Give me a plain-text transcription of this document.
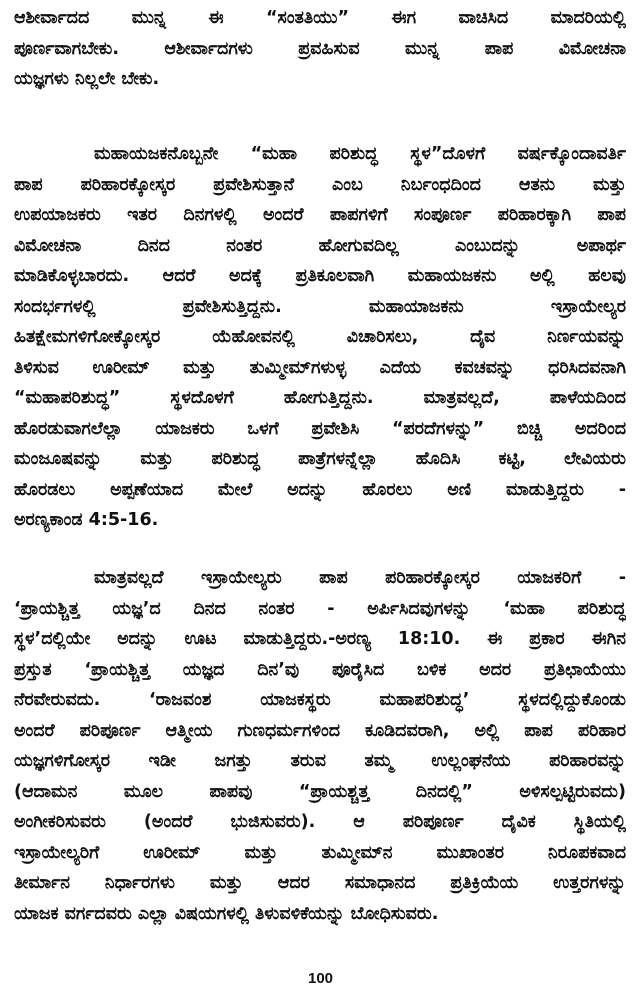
ಆಶೀರ್ವಾದದ ಮುನ್ನ ಈ “ಸಂತತಿಯು” ಈಗ ವಾಚಿಸಿದ ಮಾದರಿಯಲ್ಲಿ
ಪೂರ್ಣವಾಗಬೇಕು. ಆಶೀರ್ವಾದಗಳು ಪ್ರವಹಿಸುವ ಮುನ್ನ ಪಾಪ ವಿಮೋಚನಾ
ಯಜ್ಞಗಳು ನಿಲ್ಲಲೇ ಬೇಕು.
ಮಹಾಯಜಕನೊಬ್ಬನೇ “ಮಹಾ ಪರಿಶುದ್ಧ ಸ್ಥಳ”ದೊಳಗೆ ವರ್ಷಕ್ಕೊಂದಾವರ್ತಿ
ಪಾಪ ಪರಿಹಾರಕ್ಕೋಸ್ಕರ ಪ್ರವೇಶಿಸುತ್ತಾನೆ ಎಂಬ ನಿರ್ಬಂಧದಿಂದ ಆತನು ಮತ್ತು
ಉಪಯಾಜಕರು ಇತರ ದಿನಗಳಲ್ಲಿ ಅಂದರೆ ಪಾಪಗಳಿಗೆ ಸಂಪೂರ್ಣ ಪರಿಹಾರಕ್ಕಾಗಿ ಪಾಪ
ವಿಮೋಚನಾ ದಿನದ ನಂತರ ಹೋಗುವದಿಲ್ಲ ಎಂಬುದನ್ನು ಅಪಾರ್ಥ
ಮಾಡಿಕೊಳ್ಳಬಾರದು. ಆದರೆ ಅದಕ್ಕೆ ಪ್ರತಿಕೂಲವಾಗಿ ಮಹಾಯಜಕನು ಅಲ್ಲಿ ಹಲವು
ಸಂದರ್ಭಗಳಲ್ಲಿ ಪ್ರವೇಶಿಸುತ್ತಿದ್ದನು. ಮಹಾಯಾಜಕನು ಇಸ್ರಾಯೇಲ್ಯರ
ಹಿತಕ್ಷೇಮಗಳಿಗೋಕ್ಕೋಸ್ಕರ ಯೆಹೋವನಲ್ಲಿ ವಿಚಾರಿಸಲು, ದೈವ ನಿರ್ಣಯವನ್ನು
ತಿಳಿಸುವ ಊರೀಮ್ ಮತ್ತು ತುಮ್ಮೀಮ್‌ಗಳುಳ್ಳ ಎದೆಯ ಕವಚವನ್ನು ಧರಿಸಿದವನಾಗಿ
“ಮಹಾಪರಿಶುದ್ಧ” ಸ್ಥಳದೊಳಗೆ ಹೋಗುತ್ತಿದ್ದನು. ಮಾತ್ರವಲ್ಲದೆ, ಪಾಳೆಯದಿಂದ
ಹೊರಡುವಾಗಲೆಲ್ಲಾ ಯಾಜಕರು ಒಳಗೆ ಪ್ರವೇಶಿಸಿ “ಪರದೆಗಳನ್ನು” ಬಿಚ್ಚಿ ಅದರಿಂದ
ಮಂಜೂಷವನ್ನು ಮತ್ತು ಪರಿಶುದ್ಧ ಪಾತ್ರೆಗಳನ್ನೆಲ್ಲಾ ಹೊದಿಸಿ ಕಟ್ಟಿ, ಲೇವಿಯರು
ಹೊರಡಲು ಅಪ್ಪಣೆಯಾದ ಮೇಲೆ ಅದನ್ನು ಹೊರಲು ಅಣಿ ಮಾಡುತ್ತಿದ್ದರು -
ಅರಣ್ಯಕಾಂಡ 4:5-16.
ಮಾತ್ರವಲ್ಲದೆ ಇಸ್ರಾಯೇಲ್ಯರು ಪಾಪ ಪರಿಹಾರಕ್ಕೋಸ್ಕರ ಯಾಜಕರಿಗೆ -
‘ಪ್ರಾಯಶ್ಚಿತ್ತ ಯಜ್ಞ’ದ ದಿನದ ನಂತರ - ಅರ್ಪಿಸಿದವುಗಳನ್ನು ‘ಮಹಾ ಪರಿಶುದ್ಧ
ಸ್ಥಳ’ದಲ್ಲಿಯೇ ಅದನ್ನು ಊಟ ಮಾಡುತ್ತಿದ್ದರು.-ಅರಣ್ಯ 18:10. ಈ ಪ್ರಕಾರ ಈಗಿನ
ಪ್ರಸ್ತುತ ‘ಪ್ರಾಯಶ್ಚಿತ್ತ ಯಜ್ಞದ ದಿನ’ವು ಪೂರೈಸಿದ ಬಳಿಕ ಅದರ ಪ್ರತಿಛಾಯೆಯು
ನೆರವೇರುವದು. ‘ರಾಜವಂಶ ಯಾಜಕಸ್ಥರು ಮಹಾಪರಿಶುದ್ಧ’ ಸ್ಥಳದಲ್ಲಿದ್ದುಕೊಂಡು
ಅಂದರೆ ಪರಿಪೂರ್ಣ ಆತ್ಮೀಯ ಗುಣಧರ್ಮಗಳಿಂದ ಕೂಡಿದವರಾಗಿ, ಅಲ್ಲಿ ಪಾಪ ಪರಿಹಾರ
ಯಜ್ಞಗಳಿಗೋಸ್ಕರ ಇಡೀ ಜಗತ್ತು ತರುವ ತಮ್ಮ ಉಲ್ಲಂಘನೆಯ ಪರಿಹಾರವನ್ನು
(ಆದಾಮನ ಮೂಲ ಪಾಪವು “ಪ್ರಾಯಶ್ಚತ್ತ ದಿನದಲ್ಲಿ” ಅಳಿಸಲ್ಪಟ್ಟಿರುವದು)
ಅಂಗೀಕರಿಸುವರು (ಅಂದರೆ ಭುಜಿಸುವರು). ಆ ಪರಿಪೂರ್ಣ ದೈವಿಕ ಸ್ಥಿತಿಯಲ್ಲಿ
ಇಸ್ರಾಯೇಲ್ಯರಿಗೆ ಊರೀಮ್ ಮತ್ತು ತುಮ್ಮೀಮ್‌ನ ಮುಖಾಂತರ ನಿರೂಪಕವಾದ
ತೀರ್ಮಾನ ನಿರ್ಧಾರಗಳು ಮತ್ತು ಆದರ ಸಮಾಧಾನದ ಪ್ರತಿಕ್ರಿಯೆಯ ಉತ್ತರಗಳನ್ನು
ಯಾಜಕ ವರ್ಗದವರು ಎಲ್ಲಾ ವಿಷಯಗಳಲ್ಲಿ ತಿಳುವಳಿಕೆಯನ್ನು ಬೋಧಿಸುವರು.
100
